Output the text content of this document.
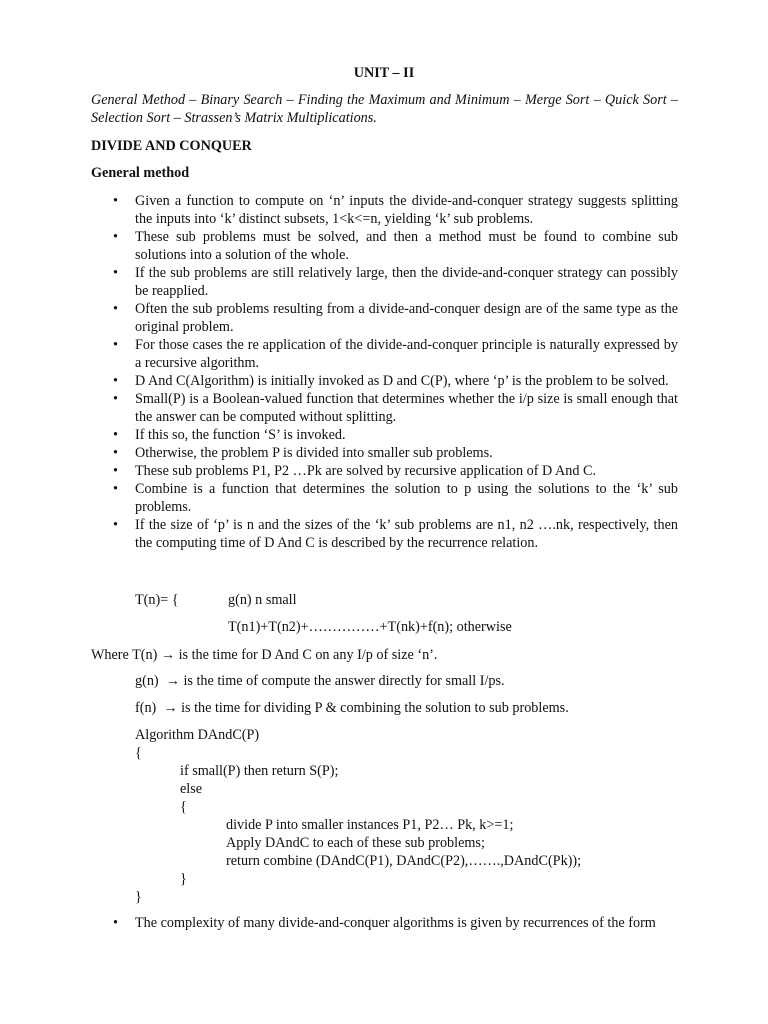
UNIT – II
General Method – Binary Search – Finding the Maximum and Minimum – Merge Sort – Quick Sort – Selection Sort – Strassen’s Matrix Multiplications.
DIVIDE AND CONQUER
General method
• Given a function to compute on ‘n’ inputs the divide-and-conquer strategy suggests splitting the inputs into ‘k’ distinct subsets, 1<k<=n, yielding ‘k’ sub problems.
• These sub problems must be solved, and then a method must be found to combine sub solutions into a solution of the whole.
• If the sub problems are still relatively large, then the divide-and-conquer strategy can possibly be reapplied.
• Often the sub problems resulting from a divide-and-conquer design are of the same type as the original problem.
• For those cases the re application of the divide-and-conquer principle is naturally expressed by a recursive algorithm.
• D And C(Algorithm) is initially invoked as D and C(P), where ‘p’ is the problem to be solved.
• Small(P) is a Boolean-valued function that determines whether the i/p size is small enough that the answer can be computed without splitting.
• If this so, the function ‘S’ is invoked.
• Otherwise, the problem P is divided into smaller sub problems.
• These sub problems P1, P2 …Pk are solved by recursive application of D And C.
• Combine is a function that determines the solution to p using the solutions to the ‘k’ sub problems.
• If the size of ‘p’ is n and the sizes of the ‘k’ sub problems are n1, n2 ….nk, respectively, then the computing time of D And C is described by the recurrence relation.
T(n)= {	g(n) n small
T(n1)+T(n2)+……………+T(nk)+f(n); otherwise
Where T(n) → is the time for D And C on any I/p of size ‘n’.
g(n)  → is the time of compute the answer directly for small I/ps.
f(n)  → is the time for dividing P & combining the solution to sub problems.
Algorithm DAndC(P)
{
if small(P) then return S(P);
else
{
divide P into smaller instances P1, P2… Pk, k>=1;
Apply DAndC to each of these sub problems;
return combine (DAndC(P1), DAndC(P2),…….,DAndC(Pk));
}
}
• The complexity of many divide-and-conquer algorithms is given by recurrences of the form
